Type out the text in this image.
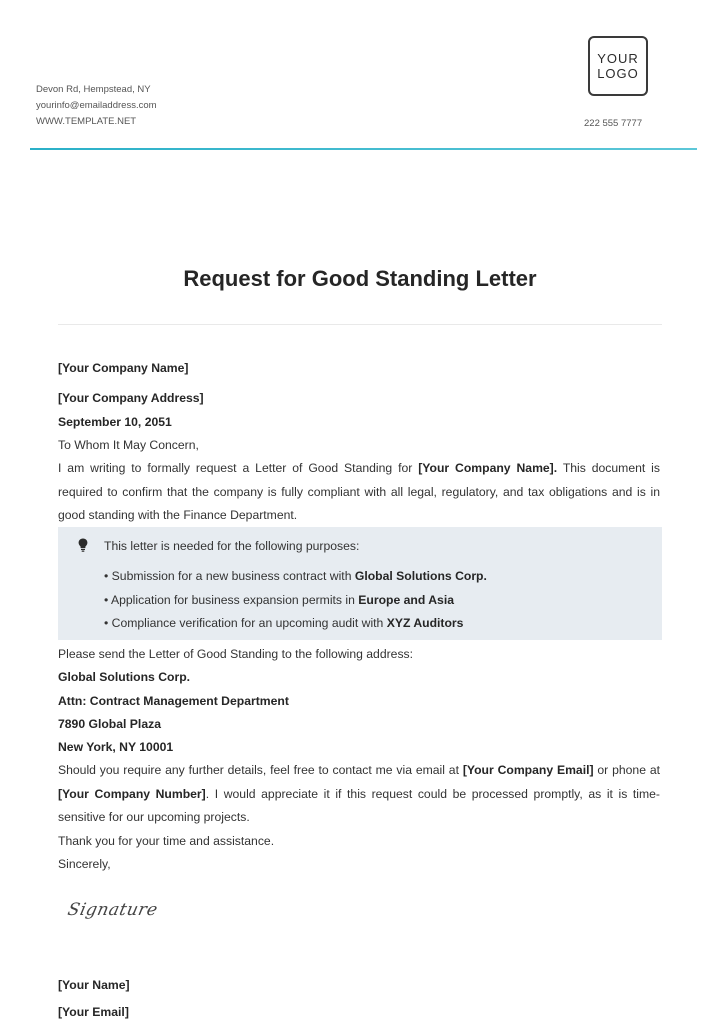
Devon Rd, Hempstead, NY
yourinfo@emailaddress.com
WWW.TEMPLATE.NET
YOUR
LOGO
222 555 7777
Request for Good Standing Letter
[Your Company Name]
[Your Company Address]
September 10, 2051
To Whom It May Concern,
I am writing to formally request a Letter of Good Standing for [Your Company Name]. This document is required to confirm that the company is fully compliant with all legal, regulatory, and tax obligations and is in good standing with the Finance Department.
This letter is needed for the following purposes:
• Submission for a new business contract with Global Solutions Corp.
• Application for business expansion permits in Europe and Asia
• Compliance verification for an upcoming audit with XYZ Auditors
Please send the Letter of Good Standing to the following address:
Global Solutions Corp.
Attn: Contract Management Department
7890 Global Plaza
New York, NY 10001
Should you require any further details, feel free to contact me via email at [Your Company Email] or phone at [Your Company Number]. I would appreciate it if this request could be processed promptly, as it is time-sensitive for our upcoming projects.
Thank you for your time and assistance.
Sincerely,
Signature
[Your Name]
[Your Email]
